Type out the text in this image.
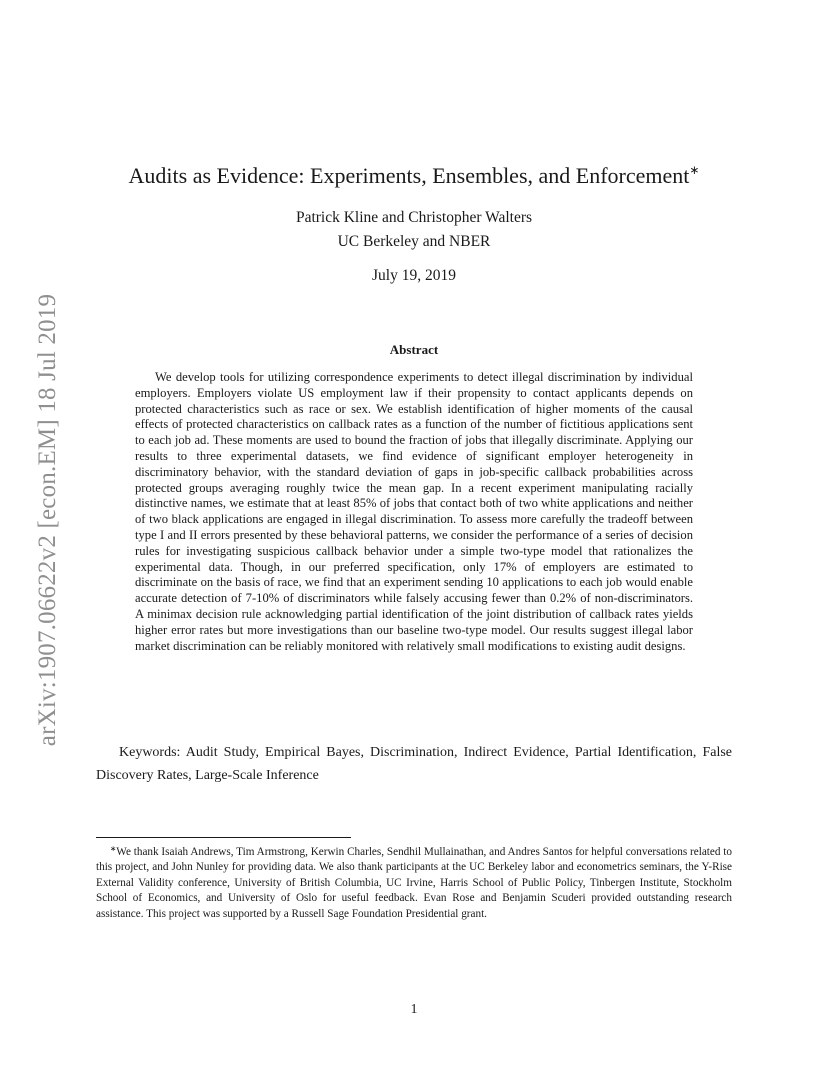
arXiv:1907.06622v2 [econ.EM] 18 Jul 2019
Audits as Evidence: Experiments, Ensembles, and Enforcement∗
Patrick Kline and Christopher Walters
UC Berkeley and NBER
July 19, 2019
Abstract

We develop tools for utilizing correspondence experiments to detect illegal discrimination by individual employers. Employers violate US employment law if their propensity to contact applicants depends on protected characteristics such as race or sex. We establish identification of higher moments of the causal effects of protected characteristics on callback rates as a function of the number of fictitious applications sent to each job ad. These moments are used to bound the fraction of jobs that illegally discriminate. Applying our results to three experimental datasets, we find evidence of significant employer heterogeneity in discriminatory behavior, with the standard deviation of gaps in job-specific callback probabilities across protected groups averaging roughly twice the mean gap. In a recent experiment manipulating racially distinctive names, we estimate that at least 85% of jobs that contact both of two white applications and neither of two black applications are engaged in illegal discrimination. To assess more carefully the tradeoff between type I and II errors presented by these behavioral patterns, we consider the performance of a series of decision rules for investigating suspicious callback behavior under a simple two-type model that rationalizes the experimental data. Though, in our preferred specification, only 17% of employers are estimated to discriminate on the basis of race, we find that an experiment sending 10 applications to each job would enable accurate detection of 7-10% of discriminators while falsely accusing fewer than 0.2% of non-discriminators. A minimax decision rule acknowledging partial identification of the joint distribution of callback rates yields higher error rates but more investigations than our baseline two-type model. Our results suggest illegal labor market discrimination can be reliably monitored with relatively small modifications to existing audit designs.

Keywords: Audit Study, Empirical Bayes, Discrimination, Indirect Evidence, Partial Identification, False Discovery Rates, Large-Scale Inference

∗We thank Isaiah Andrews, Tim Armstrong, Kerwin Charles, Sendhil Mullainathan, and Andres Santos for helpful conversations related to this project, and John Nunley for providing data. We also thank participants at the UC Berkeley labor and econometrics seminars, the Y-Rise External Validity conference, University of British Columbia, UC Irvine, Harris School of Public Policy, Tinbergen Institute, Stockholm School of Economics, and University of Oslo for useful feedback. Evan Rose and Benjamin Scuderi provided outstanding research assistance. This project was supported by a Russell Sage Foundation Presidential grant.

1
